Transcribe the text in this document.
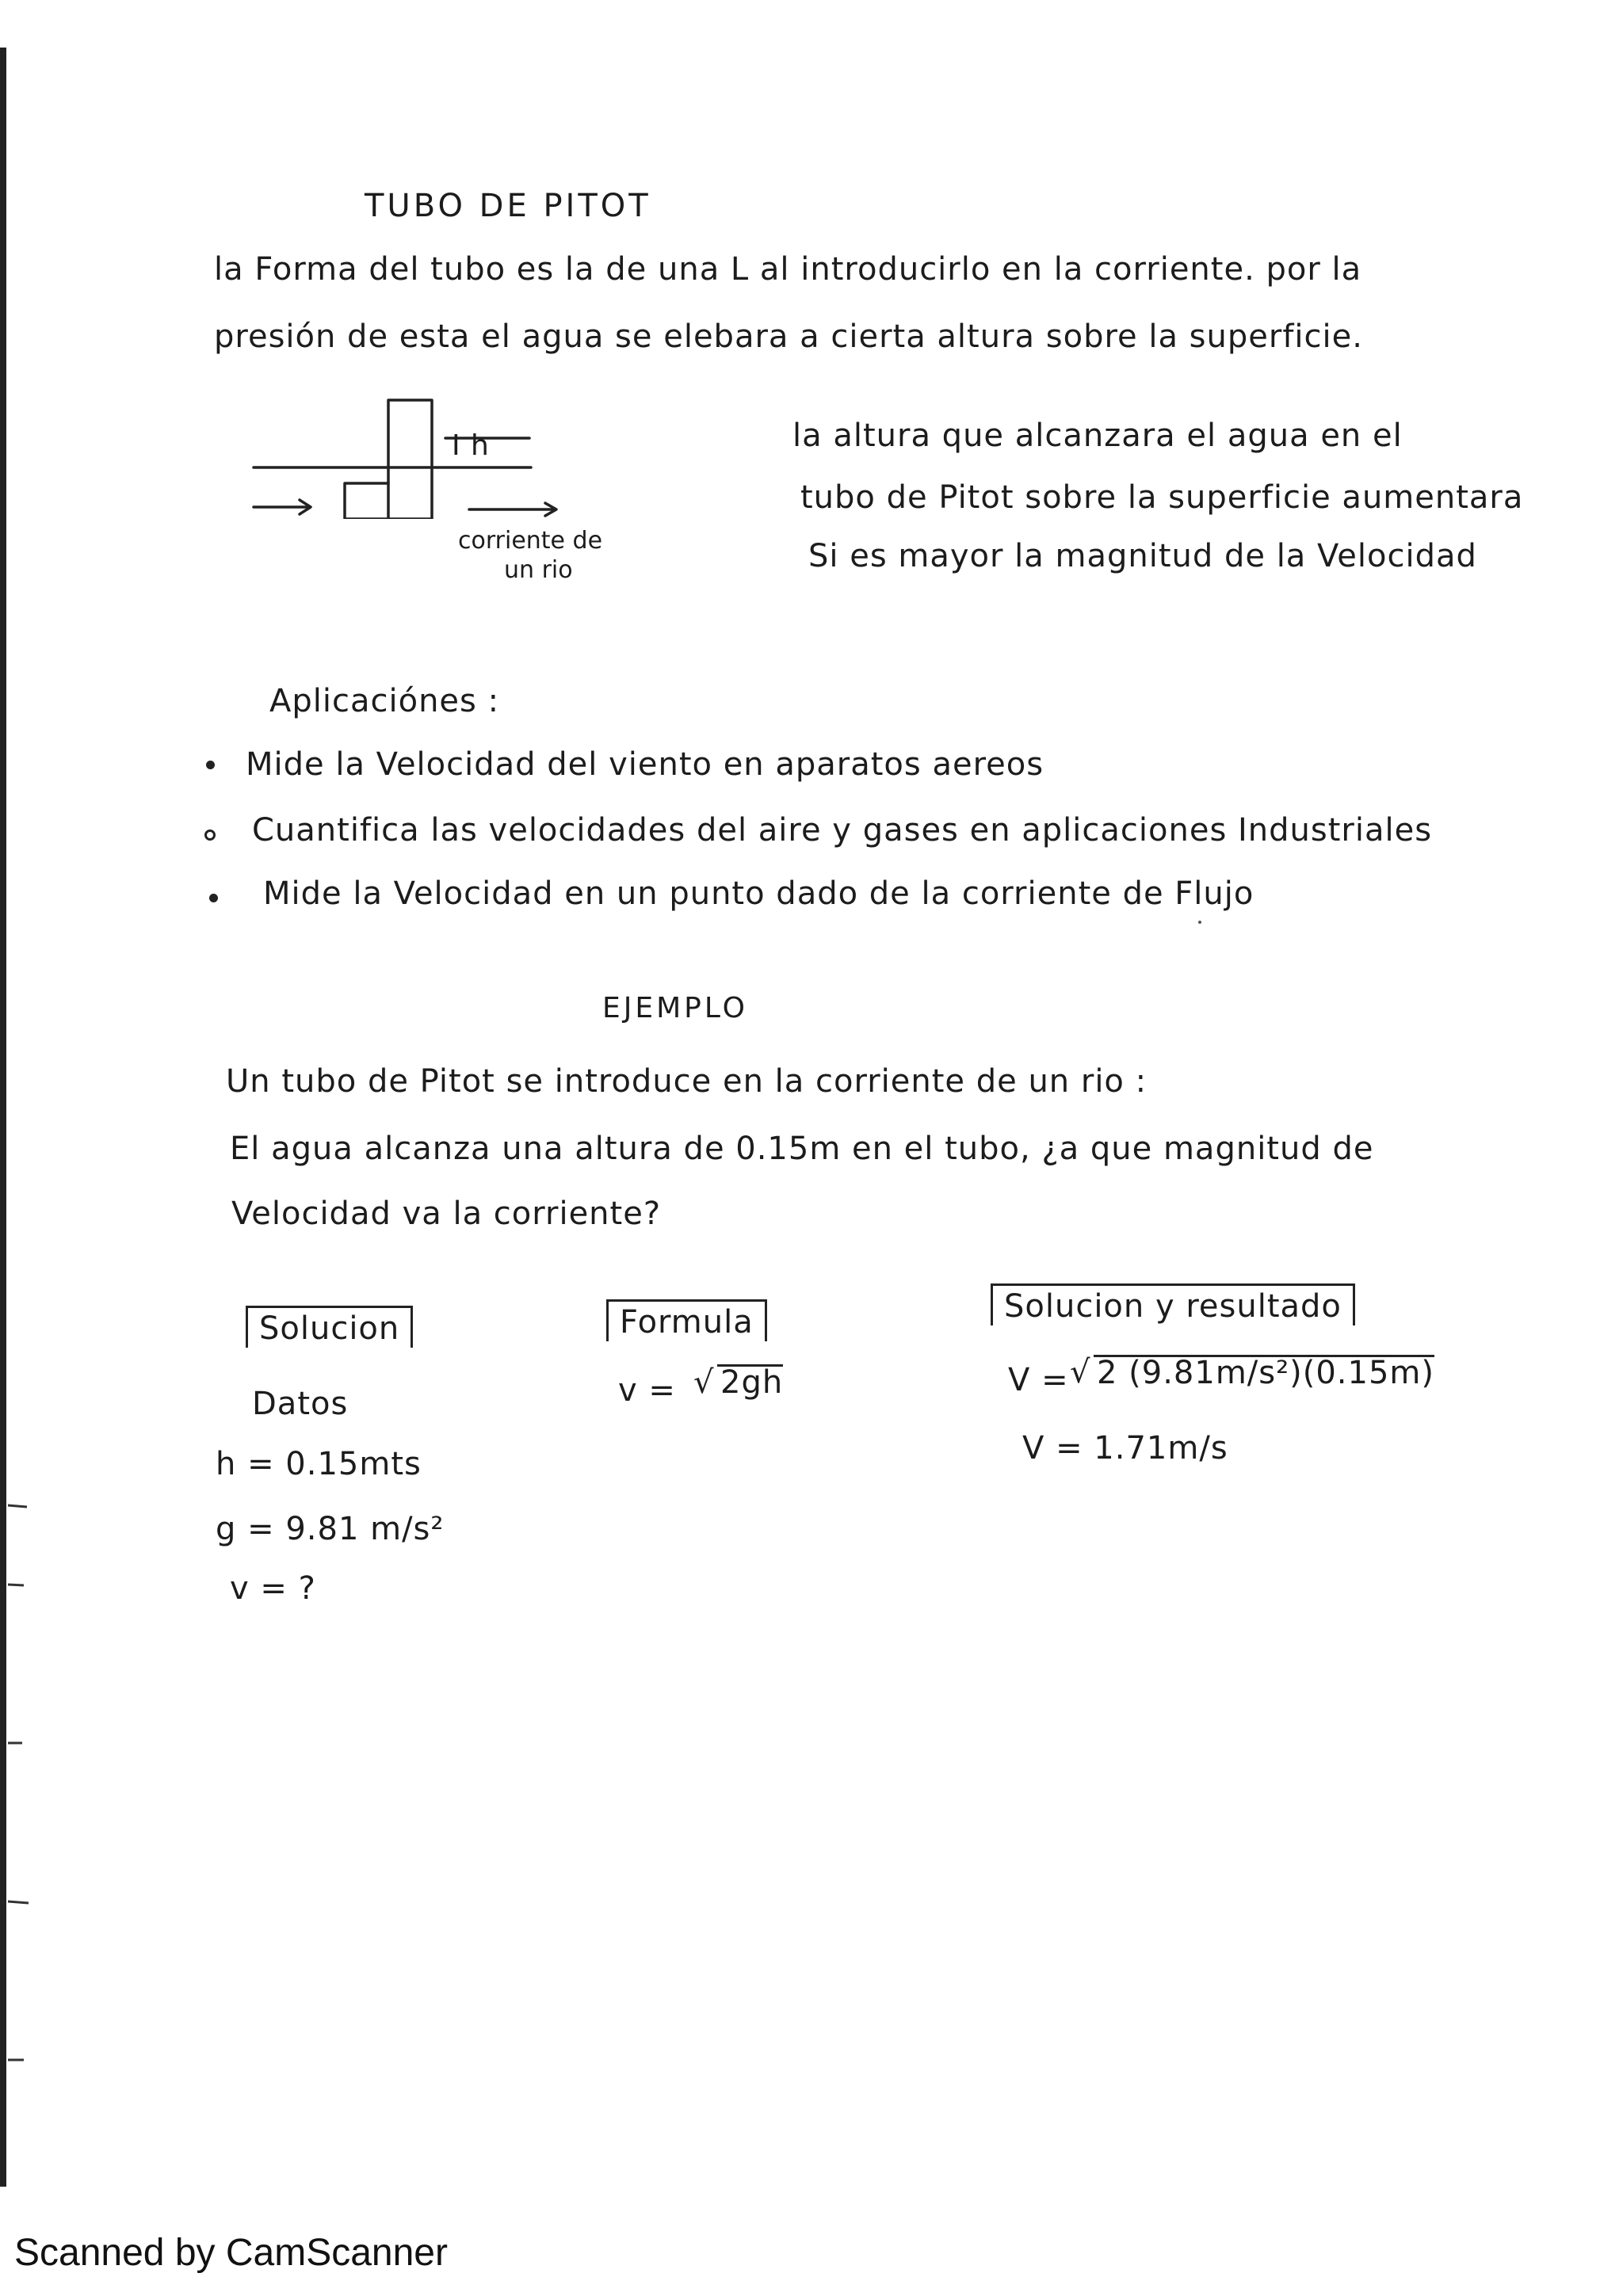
TUBO DE PITOT
la Forma del tubo es la de una L al introducirlo en la corriente. por la
presión de esta el agua se elebara a cierta altura sobre la superficie.
I h
corriente de
un rio
la altura que alcanzara el agua en el
tubo de Pitot sobre la superficie aumentara
Si es mayor la magnitud de la Velocidad
Aplicaciónes :
Mide la Velocidad del viento en aparatos aereos
Cuantifica las velocidades del aire y gases en aplicaciones Industriales
Mide la Velocidad en un punto dado de la corriente de Flujo
EJEMPLO
Un tubo de Pitot se introduce en la corriente de un rio :
El agua alcanza una altura de 0.15m en el tubo, ¿a que magnitud de
Velocidad va la corriente?
Solucion
Datos
h = 0.15mts
g = 9.81 m/s²
v = ?
Formula
v = √ 2gh
Solucion y resultado
V = √ 2 (9.81m/s²)(0.15m)
V = 1.71m/s
Scanned by CamScanner
